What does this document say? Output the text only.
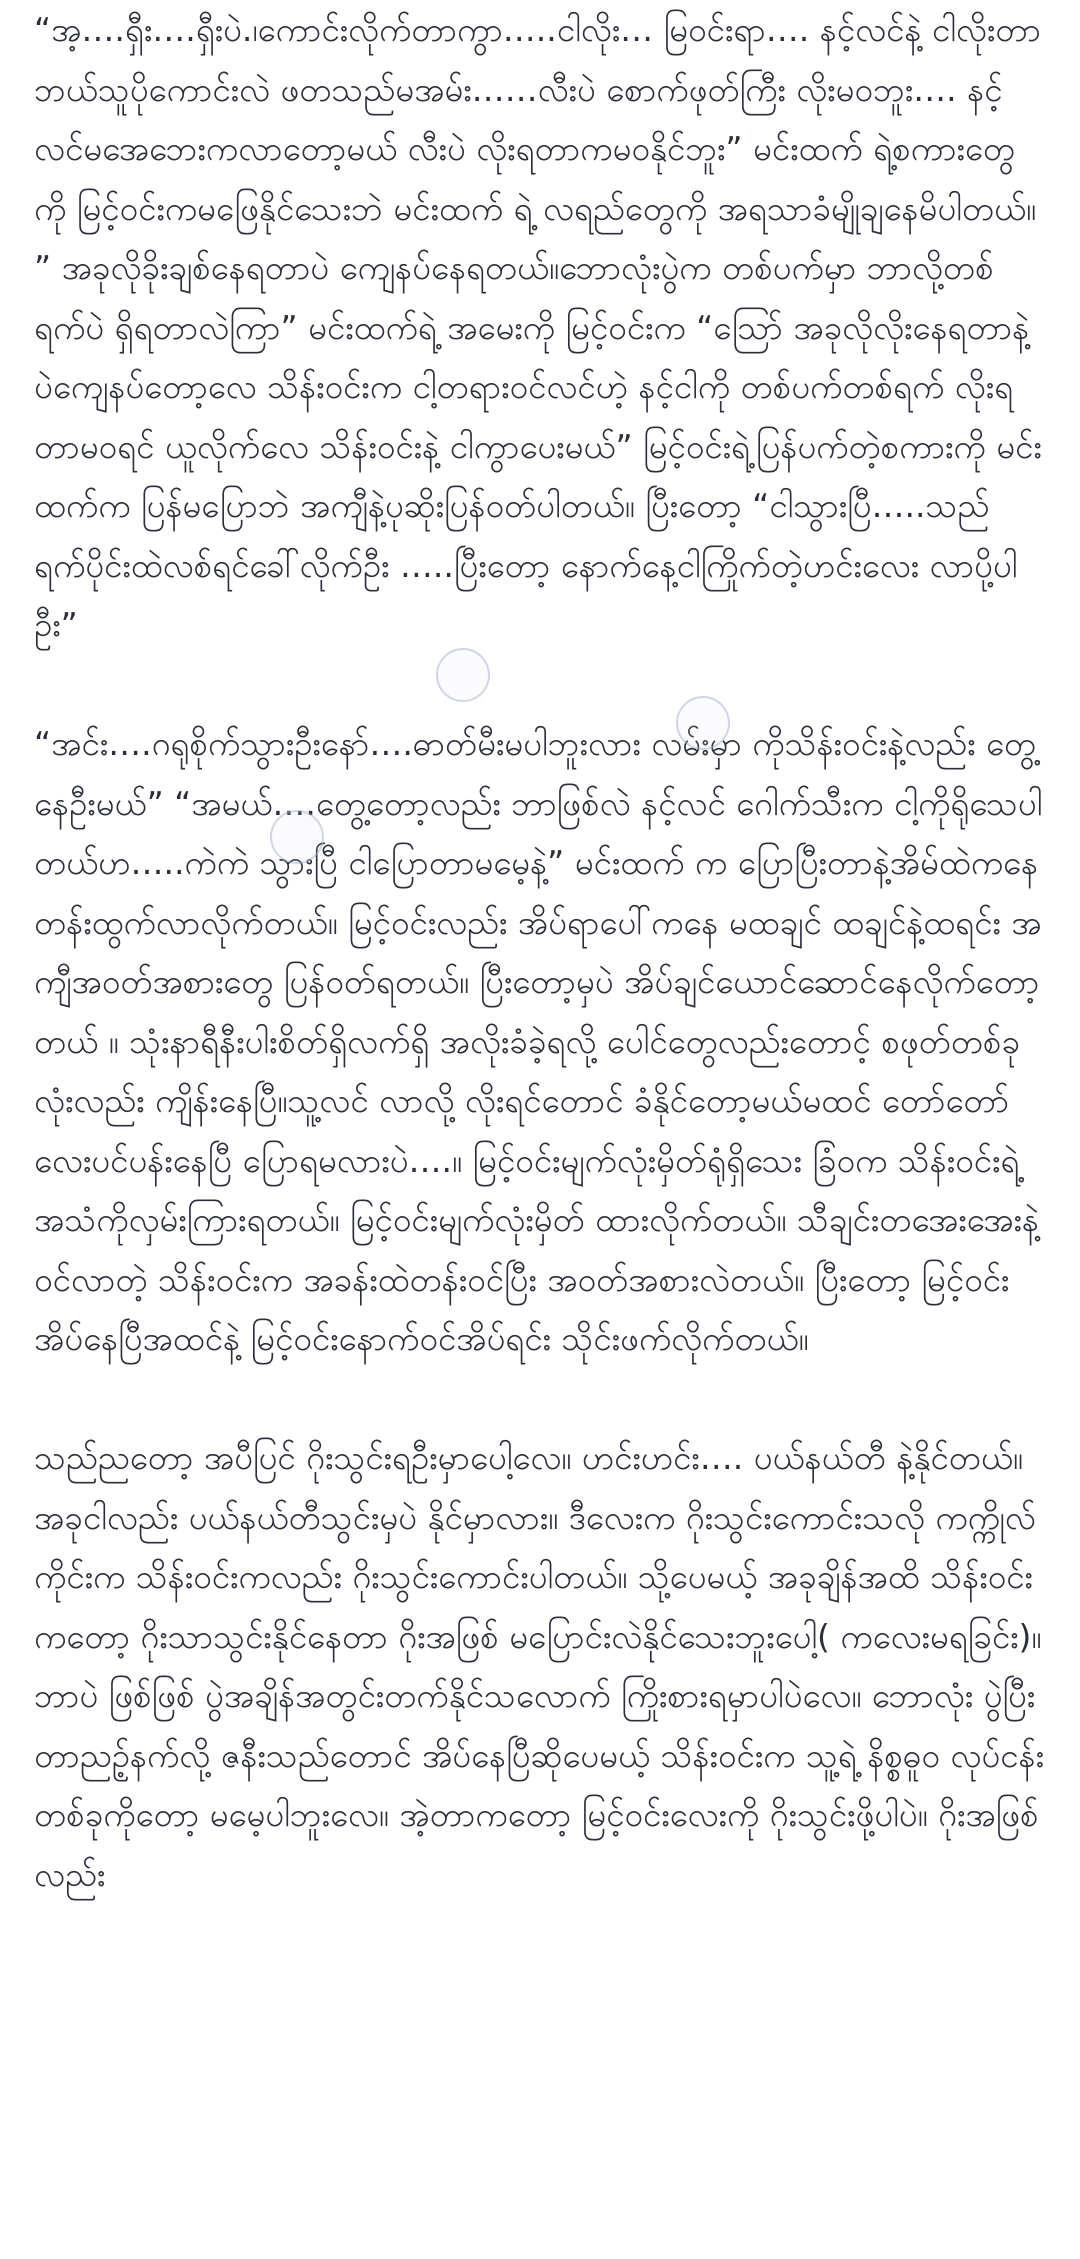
“အ့….ရှီး….ရှီးပဲ.၊ကောင်းလိုက်တာကွာ…..ငါလိုး… မြဝင်းရာ…. နင့်လင်နဲ့ ငါလိုးတာ ဘယ်သူပိုကောင်းလဲ ဖတသည်မအမ်း……လီးပဲ စောက်ဖုတ်ကြီး လိုးမဝဘူး…. နင့်လင်မအေဘေးကလာတော့မယ် လီးပဲ လိုးရတာကမဝနိုင်ဘူး” မင်းထက် ရဲ့စကားတွေကို မြင့်ဝင်းကမဖြေနိုင်သေးဘဲ မင်းထက် ရဲ့ လရည်တွေကို အရသာခံမျိုချနေမိပါတယ်။ ” အခုလိုခိုးချစ်နေရတာပဲ ကျေနပ်နေရတယ်။ဘောလုံးပွဲက တစ်ပက်မှာ ဘာလို့တစ်ရက်ပဲ ရှိရတာလဲကြာ” မင်းထက်ရဲ့ အမေးကို မြင့်ဝင်းက “ဩော် အခုလိုလိုးနေရတာနဲ့ပဲကျေနပ်တော့လေ သိန်းဝင်းက ငါ့တရားဝင်လင်ဟဲ့ နင့်ငါကို တစ်ပက်တစ်ရက် လိုးရတာမဝရင် ယူလိုက်လေ သိန်းဝင်းနဲ့ ငါကွာပေးမယ်” မြင့်ဝင်းရဲ့ပြန်ပက်တဲ့စကားကို မင်းထက်က ပြန်မပြောဘဲ အကျီနဲ့ပုဆိုးပြန်ဝတ်ပါတယ်။ ပြီးတော့ “ငါသွားပြီ…..သည်ရက်ပိုင်းထဲလစ်ရင်ခေါ်လိုက်ဦး …..ပြီးတော့ နောက်နေ့ငါကြိုက်တဲ့ဟင်းလေး လာပို့ပါဦး”

“အင်း….ဂရုစိုက်သွားဦးနော်….ဓာတ်မီးမပါဘူးလား လမ်းမှာ ကိုသိန်းဝင်းနဲ့လည်း တွေ့နေဦးမယ်” “အမယ်….တွေ့တော့လည်း ဘာဖြစ်လဲ နင့်လင် ဂေါက်သီးက ငါ့ကိုရိုသေပါတယ်ဟ…..ကဲကဲ သွားပြီ ငါပြောတာမမေ့နဲ့” မင်းထက် က ပြောပြီးတာနဲ့အိမ်ထဲကနေ တန်းထွက်လာလိုက်တယ်။ မြင့်ဝင်းလည်း အိပ်ရာပေါ်ကနေ မထချင် ထချင်နဲ့ထရင်း အကျီအဝတ်အစားတွေ ပြန်ဝတ်ရတယ်။ ပြီးတော့မှပဲ အိပ်ချင်ယောင်ဆောင်နေလိုက်တော့တယ် ။ သုံးနာရီနီးပါးစိတ်ရှိလက်ရှိ အလိုးခံခဲ့ရလို့ ပေါင်တွေလည်းတောင့် စဖုတ်တစ်ခုလုံးလည်း ကျိန်းနေပြီ။သူ့လင် လာလို့ လိုးရင်တောင် ခံနိုင်တော့မယ်မထင် တော်တော်လေးပင်ပန်းနေပြီ ပြောရမလားပဲ….။ မြင့်ဝင်းမျက်လုံးမှိတ်ရုံရှိသေး ခြံဝက သိန်းဝင်းရဲ့ အသံကိုလှမ်းကြားရတယ်။ မြင့်ဝင်းမျက်လုံးမှိတ် ထားလိုက်တယ်။ သီချင်းတအေးအေးနဲ့ ဝင်လာတဲ့ သိန်းဝင်းက အခန်းထဲတန်းဝင်ပြီး အဝတ်အစားလဲတယ်။ ပြီးတော့ မြင့်ဝင်းအိပ်နေပြီအထင်နဲ့ မြင့်ဝင်းနောက်ဝင်အိပ်ရင်း သိုင်းဖက်လိုက်တယ်။

သည်ညတော့ အပီပြင် ဂိုးသွင်းရဦးမှာပေါ့လေ။ ဟင်းဟင်း…. ပယ်နယ်တီ နဲ့နိုင်တယ်။ အခုငါလည်း ပယ်နယ်တီသွင်းမှပဲ နိုင်မှာလား။ ဒီလေးက ဂိုးသွင်းကောင်းသလို ကက္ကိုလ်ကိုင်းက သိန်းဝင်းကလည်း ဂိုးသွင်းကောင်းပါတယ်။ သို့ပေမယ့် အခုချိန်အထိ သိန်းဝင်းကတော့ ဂိုးသာသွင်းနိုင်နေတာ ဂိုးအဖြစ် မပြောင်းလဲနိုင်သေးဘူးပေါ့( ကလေးမရခြင်း)။ဘာပဲ ဖြစ်ဖြစ် ပွဲအချိန်အတွင်းတက်နိုင်သလောက် ကြိုးစားရမှာပါပဲလေ။ ဘောလုံး ပွဲပြီးတာညဥ့်နက်လို့ ဇနီးသည်တောင် အိပ်နေပြီဆိုပေမယ့် သိန်းဝင်းက သူ့ရဲ့ နိစ္စဓူဝ လုပ်ငန်းတစ်ခုကိုတော့ မမေ့ပါဘူးလေ။ အဲ့တာကတော့ မြင့်ဝင်းလေးကို ဂိုးသွင်းဖို့ပါပဲ။ ဂိုးအဖြစ်လည်း
